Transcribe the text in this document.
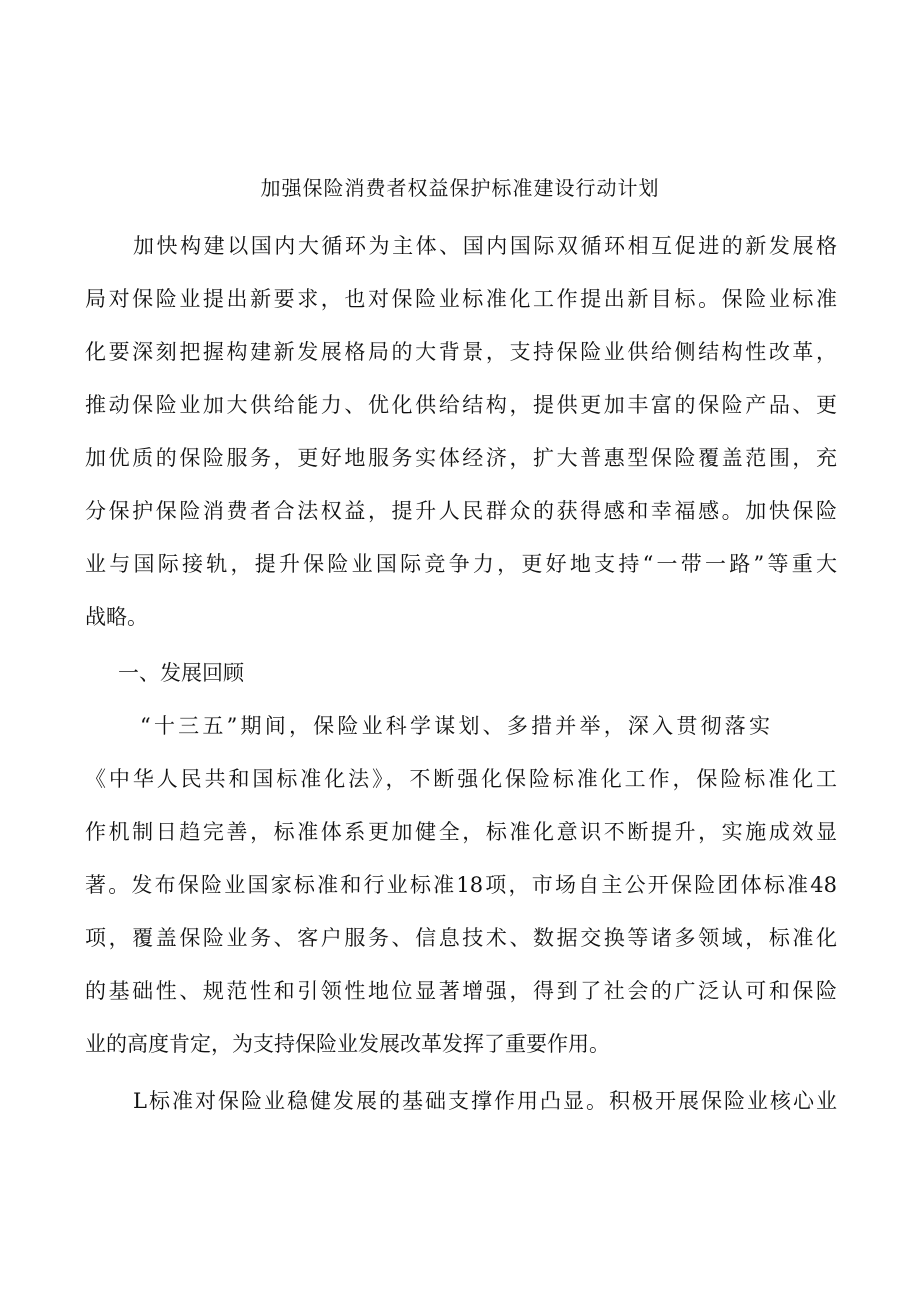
加强保险消费者权益保护标准建设行动计划
加快构建以国内大循环为主体、国内国际双循环相互促进的新发展格
局对保险业提出新要求，也对保险业标准化工作提出新目标。保险业标准
化要深刻把握构建新发展格局的大背景，支持保险业供给侧结构性改革，
推动保险业加大供给能力、优化供给结构，提供更加丰富的保险产品、更
加优质的保险服务，更好地服务实体经济，扩大普惠型保险覆盖范围，充
分保护保险消费者合法权益，提升人民群众的获得感和幸福感。加快保险
业与国际接轨，提升保险业国际竞争力，更好地支持“一带一路”等重大
战略。
一、发展回顾
“十三五”期间，保险业科学谋划、多措并举，深入贯彻落实
《中华人民共和国标准化法》，不断强化保险标准化工作，保险标准化工
作机制日趋完善，标准体系更加健全，标准化意识不断提升，实施成效显
著。发布保险业国家标准和行业标准18项，市场自主公开保险团体标准48
项，覆盖保险业务、客户服务、信息技术、数据交换等诸多领域，标准化
的基础性、规范性和引领性地位显著增强，得到了社会的广泛认可和保险
业的高度肯定，为支持保险业发展改革发挥了重要作用。
L标准对保险业稳健发展的基础支撑作用凸显。积极开展保险业核心业
